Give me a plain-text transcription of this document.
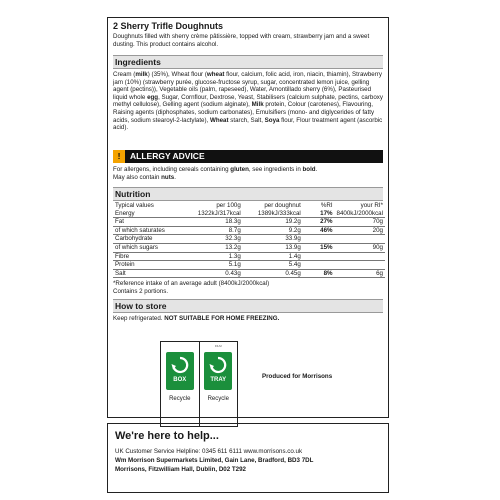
2 Sherry Trifle Doughnuts
Doughnuts filled with sherry crème pâtissière, topped with cream, strawberry jam and a sweet dusting. This product contains alcohol.
Ingredients
Cream (milk) (35%), Wheat flour (wheat flour, calcium, folic acid, iron, niacin, thiamin), Strawberry jam (10%) (strawberry purée, glucose-fructose syrup, sugar, concentrated lemon juice, gelling agent (pectins)), Vegetable oils (palm, rapeseed), Water, Amontillado sherry (6%), Pasteurised liquid whole egg, Sugar, Cornflour, Dextrose, Yeast, Stabilisers (calcium sulphate, pectins, carboxy methyl cellulose), Gelling agent (sodium alginate), Milk protein, Colour (carotenes), Flavouring, Raising agents (diphosphates, sodium carbonates), Emulsifiers (mono- and diglycerides of fatty acids, sodium stearoyl-2-lactylate), Wheat starch, Salt, Soya flour, Flour treatment agent (ascorbic acid).
! ALLERGY ADVICE
For allergens, including cereals containing gluten, see ingredients in bold.
May also contain nuts.
Nutrition
Typical values	per 100g	per doughnut	%RI	your RI*
Energy	1322kJ/317kcal	1389kJ/333kcal	17%	8400kJ/2000kcal
Fat	18.3g	19.2g	27%	70g
of which saturates	8.7g	9.2g	46%	20g
Carbohydrate	32.3g	33.9g		
of which sugars	13.2g	13.9g	15%	90g
Fibre	1.3g	1.4g		
Protein	5.1g	5.4g		
Salt	0.43g	0.45g	8%	6g
*Reference intake of an average adult (8400kJ/2000kcal)
Contains 2 portions.
How to store
Keep refrigerated. NOT SUITABLE FOR HOME FREEZING.
BOX
Recycle
FILM
TRAY
Recycle
Produced for Morrisons
We're here to help...
UK Customer Service Helpline: 0345 611 6111 www.morrisons.co.uk
Wm Morrison Supermarkets Limited, Gain Lane, Bradford, BD3 7DL
Morrisons, Fitzwilliam Hall, Dublin, D02 T292
